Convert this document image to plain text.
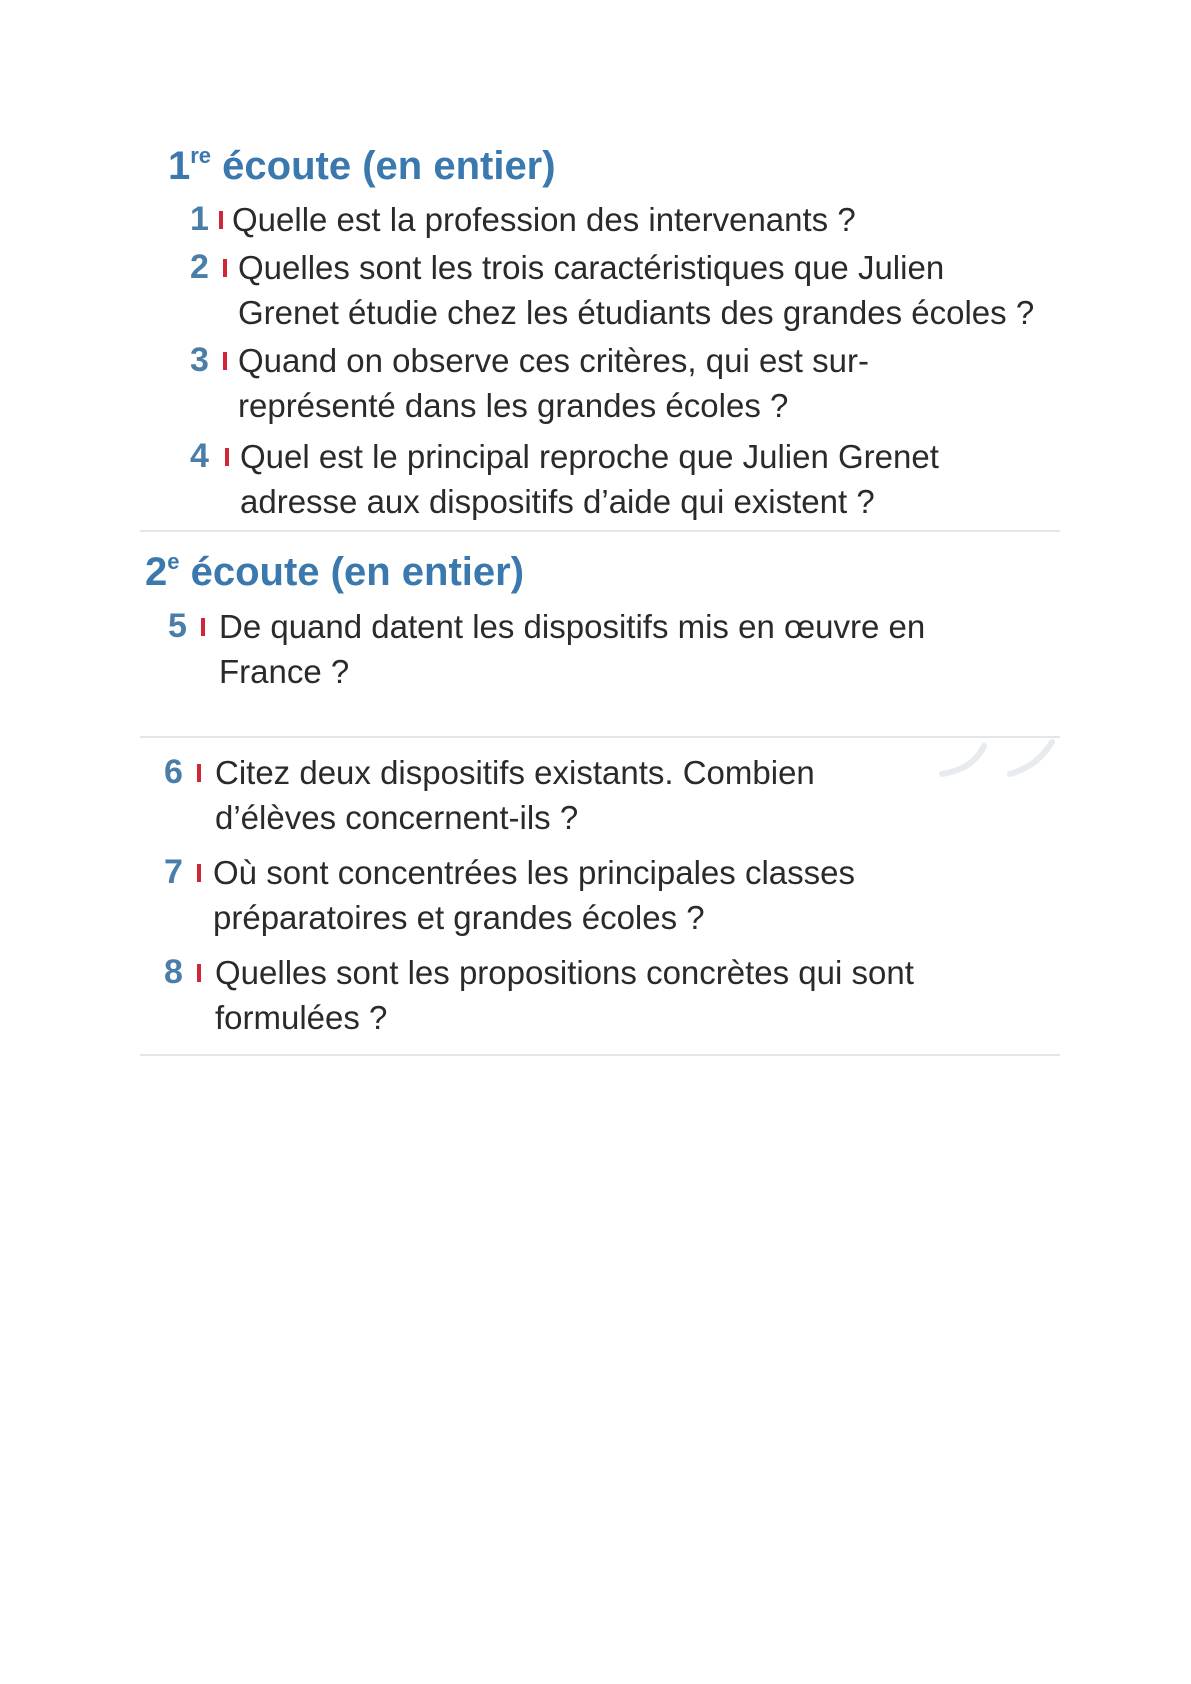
1re écoute (en entier)
1 Quelle est la profession des intervenants ?
2 Quelles sont les trois caractéristiques que Julien Grenet étudie chez les étudiants des grandes écoles ?
3 Quand on observe ces critères, qui est sur-représenté dans les grandes écoles ?
4 Quel est le principal reproche que Julien Grenet adresse aux dispositifs d’aide qui existent ?
2e écoute (en entier)
5 De quand datent les dispositifs mis en œuvre en France ?
6 Citez deux dispositifs existants. Combien d’élèves concernent-ils ?
7 Où sont concentrées les principales classes préparatoires et grandes écoles ?
8 Quelles sont les propositions concrètes qui sont formulées ?
